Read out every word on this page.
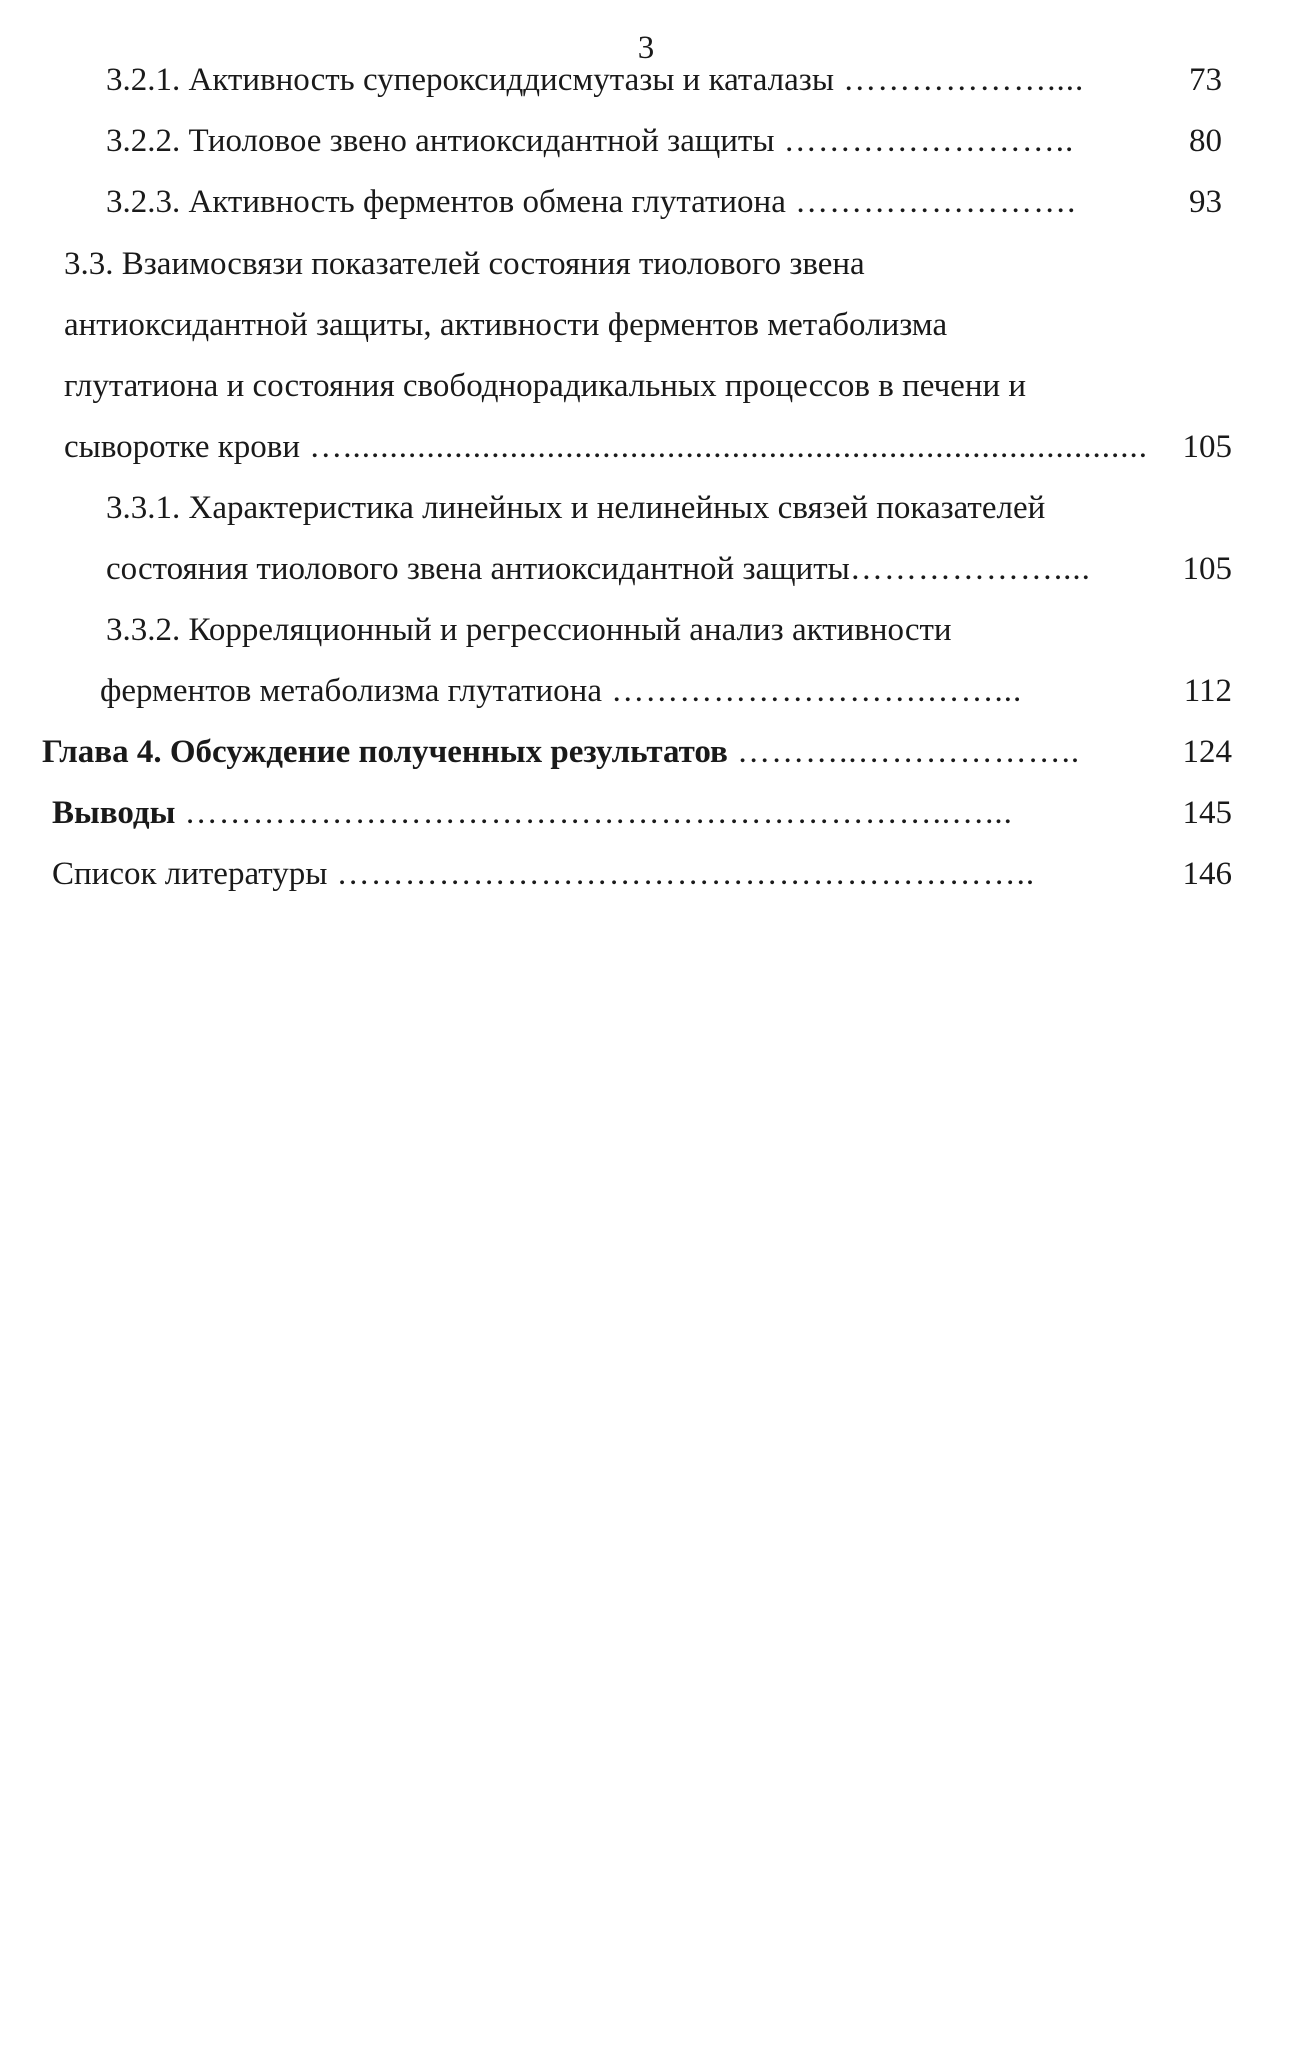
3
3.2.1. Активность супероксиддисмутазы и каталазы ………………....	73
3.2.2. Тиоловое звено антиоксидантной защиты ……………………..	80
3.2.3. Активность ферментов обмена глутатиона …………………….	93
3.3. Взаимосвязи показателей состояния тиолового звена
антиоксидантной защиты, активности ферментов метаболизма
глутатиона и состояния свободнорадикальных процессов в печени и
сыворотке крови …....................................................................................... 105
3.3.1. Характеристика линейных и нелинейных связей показателей
состояния тиолового звена антиоксидантной защиты………………....	105
3.3.2. Корреляционный и регрессионный анализ активности
ферментов метаболизма глутатиона ……………………….……...	112
Глава 4. Обсуждение полученных результатов ………..………………..	124
Выводы …………………………………………………………..…...	145
Список литературы ……………………………………………………..	146
